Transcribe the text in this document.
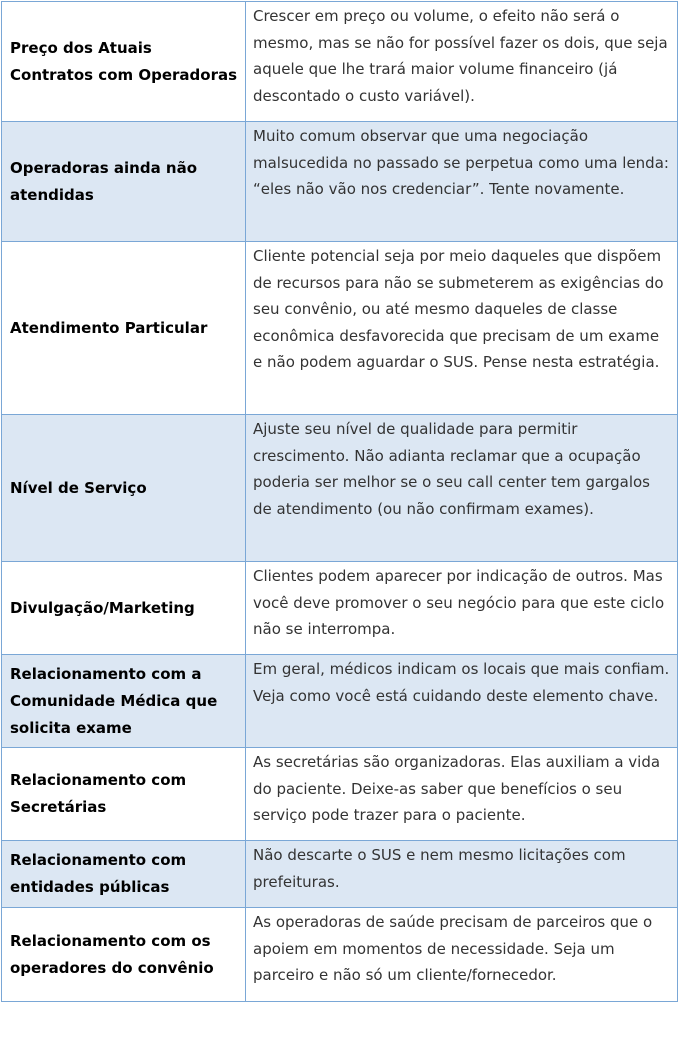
Preço dos Atuais Contratos com Operadoras	Crescer em preço ou volume, o efeito não será o mesmo, mas se não for possível fazer os dois, que seja aquele que lhe trará maior volume financeiro (já descontado o custo variável).

Operadoras ainda não atendidas	Muito comum observar que uma negociação malsucedida no passado se perpetua como uma lenda: “eles não vão nos credenciar”. Tente novamente.

Atendimento Particular	Cliente potencial seja por meio daqueles que dispõem de recursos para não se submeterem as exigências do seu convênio, ou até mesmo daqueles de classe econômica desfavorecida que precisam de um exame e não podem aguardar o SUS. Pense nesta estratégia.

Nível de Serviço	Ajuste seu nível de qualidade para permitir crescimento. Não adianta reclamar que a ocupação poderia ser melhor se o seu call center tem gargalos de atendimento (ou não confirmam exames).

Divulgação/Marketing	Clientes podem aparecer por indicação de outros. Mas você deve promover o seu negócio para que este ciclo não se interrompa.

Relacionamento com a Comunidade Médica que solicita exame	Em geral, médicos indicam os locais que mais confiam. Veja como você está cuidando deste elemento chave.

Relacionamento com Secretárias	As secretárias são organizadoras. Elas auxiliam a vida do paciente. Deixe-as saber que benefícios o seu serviço pode trazer para o paciente.

Relacionamento com entidades públicas	Não descarte o SUS e nem mesmo licitações com prefeituras.

Relacionamento com os operadores do convênio	As operadoras de saúde precisam de parceiros que o apoiem em momentos de necessidade. Seja um parceiro e não só um cliente/fornecedor.
